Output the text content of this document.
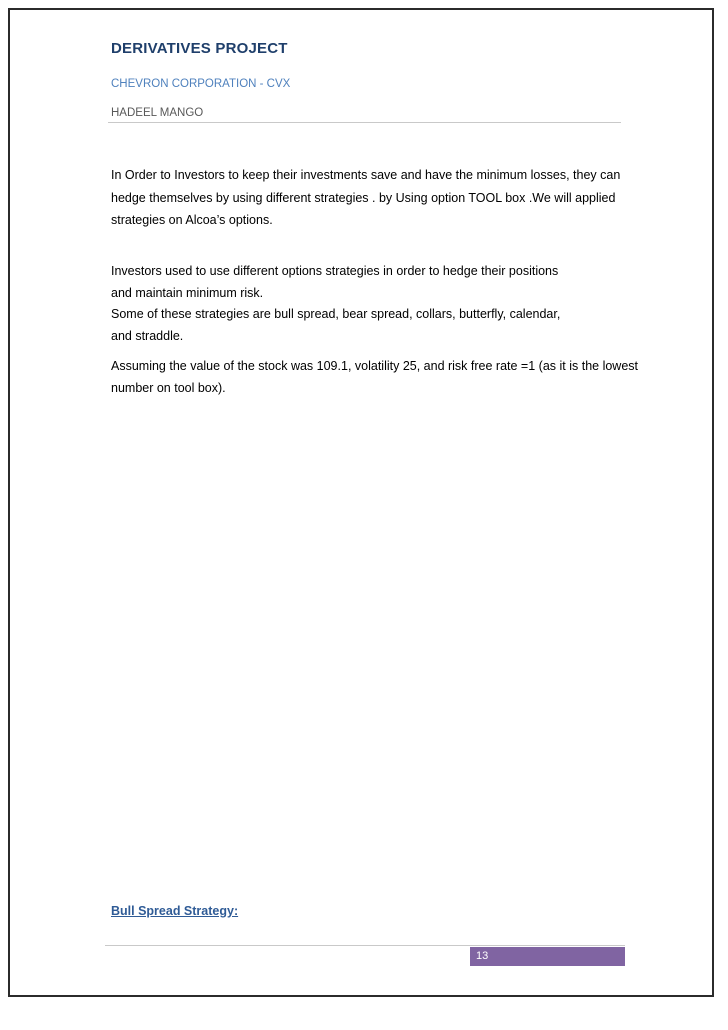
DERIVATIVES PROJECT
CHEVRON CORPORATION - CVX
HADEEL MANGO

In Order to Investors to keep their investments save and have the minimum losses, they can hedge themselves by using different strategies . by Using option TOOL box .We will applied strategies on Alcoa’s options.

Investors used to use different options strategies in order to hedge their positions
and maintain minimum risk.
Some of these strategies are bull spread, bear spread, collars, butterfly, calendar,
and straddle.

Assuming the value of the stock was 109.1, volatility 25, and risk free rate =1 (as it is the lowest number on tool box).

Bull Spread Strategy:
13
